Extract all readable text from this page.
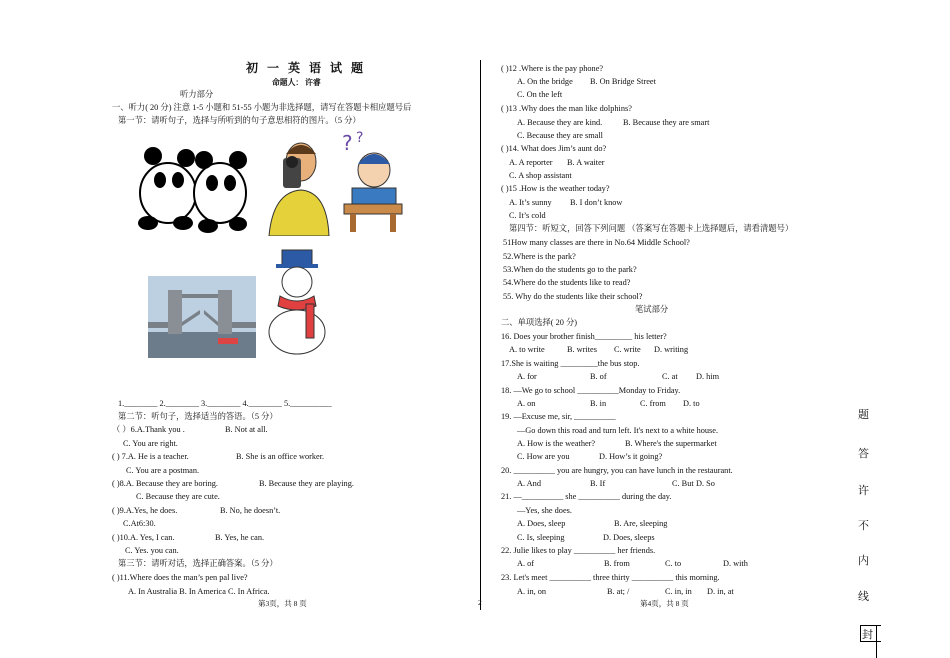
初 一 英 语 试 题
命题人： 许睿
听力部分
一、听力( 20 分) 注意 1-5 小题和 51-55 小题为非选择题，请写在答题卡相应题号后
第一节：请听句子，选择与所听到的句子意思相符的图片。（5 分）
? ?
1.________ 2.________ 3.________ 4.________ 5.__________
第二节：听句子，选择适当的答语。（5 分）
（ ）6.A.Thank you .	B. Not at all.
C. You are right.
( ) 7.A. He is a teacher.	B. She is an office worker.
C. You are a postman.
( )8.A. Because they are boring.	B. Because they are playing.
C. Because they are cute.
( )9.A.Yes, he does.	B. No, he doesn’t.
C.At6:30.
( )10.A. Yes, I can.	B. Yes, he can.
C. Yes. you can.
第三节：请听对话，选择正确答案。（5 分）
( )11.Where does the man’s pen pal live?
A. In Australia B. In America C. In Africa.
第3页，共 8 页	2
( )12 .Where is the pay phone?
A. On the bridge B. On Bridge Street
C. On the left
( )13 .Why does the man like dolphins?
A. Because they are kind.	B. Because they are smart
C. Because they are small
( )14. What does Jim’s aunt do?
A. A reporter B. A waiter
C. A shop assistant
( )15 .How is the weather today?
A. It’s sunny B. I don’t know
C. It’s cold
第四节：听短文，回答下列问题 （答案写在答题卡上选择题后，请看清题号）
51How many classes are there in No.64 Middle School?
52.Where is the park?
53.When do the students go to the park?
54.Where do the students like to read?
55. Why do the students like their school?
笔试部分
二、单项选择( 20 分)
16. Does your brother finish_________ his letter?
A. to write	B. writes C. write D. writing
17.She is waiting _________the bus stop.
A. for	B. of	C. at D. him
18. —We go to school __________Monday to Friday.
A. on	B. in	C. from D. to
19. —Excuse me, sir, __________
—Go down this road and turn left. It's next to a white house.
A. How is the weather?	B. Where's the supermarket
C. How are you	D. How’s it going?
20. __________ you are hungry, you can have lunch in the restaurant.
A. And	B. If	C. But D. So
21. —__________ she __________ during the day.
—Yes, she does.
A. Does, sleep	B. Are, sleeping
C. Is, sleeping	D. Does, sleeps
22. Julie likes to play __________ her friends.
A. of	B. from	C. to	D. with
23. Let's meet __________ three thirty __________ this morning.
A. in, on	B. at; /	C. in, in D. in, at
第4页，共 8 页
题
答
许
不
内
线
封
